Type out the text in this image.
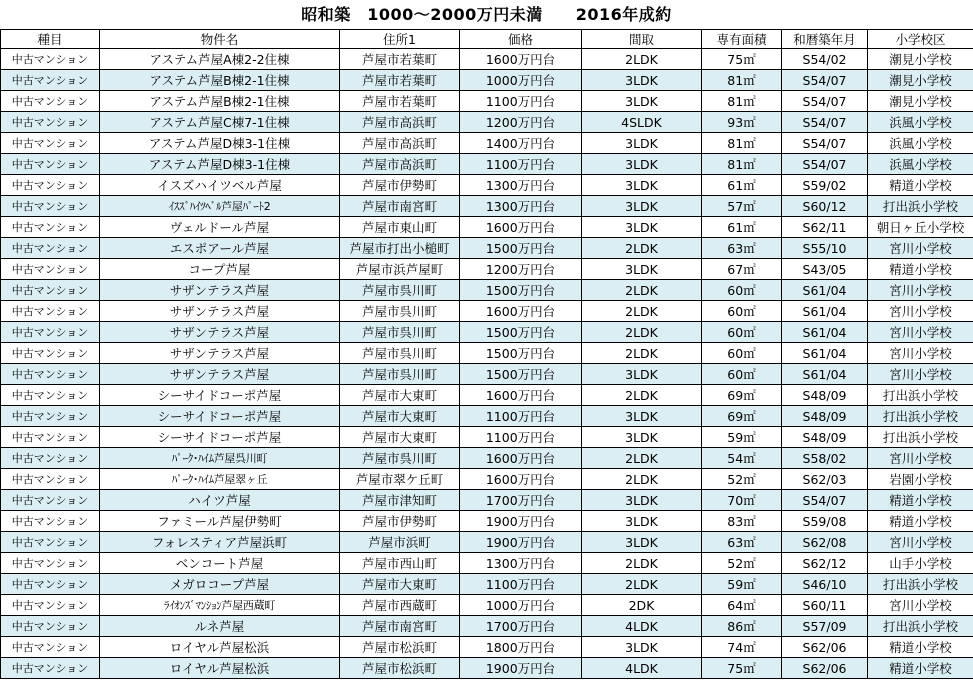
昭和築　1000～2000万円未満　　2016年成約
種目	物件名	住所1	価格	間取	専有面積	和暦築年月	小学校区
中古マンション	アステム芦屋A棟2-2住棟	芦屋市若葉町	1600万円台	2LDK	75㎡	S54/02	潮見小学校
中古マンション	アステム芦屋B棟2-1住棟	芦屋市若葉町	1000万円台	3LDK	81㎡	S54/07	潮見小学校
中古マンション	アステム芦屋B棟2-1住棟	芦屋市若葉町	1100万円台	3LDK	81㎡	S54/07	潮見小学校
中古マンション	アステム芦屋C棟7-1住棟	芦屋市高浜町	1200万円台	4SLDK	93㎡	S54/07	浜風小学校
中古マンション	アステム芦屋D棟3-1住棟	芦屋市高浜町	1400万円台	3LDK	81㎡	S54/07	浜風小学校
中古マンション	アステム芦屋D棟3-1住棟	芦屋市高浜町	1100万円台	3LDK	81㎡	S54/07	浜風小学校
中古マンション	イスズハイツベル芦屋	芦屋市伊勢町	1300万円台	3LDK	61㎡	S59/02	精道小学校
中古マンション	ｲｽｽﾞﾊｲﾂﾍﾞﾙ芦屋ﾊﾟｰﾄ2	芦屋市南宮町	1300万円台	3LDK	57㎡	S60/12	打出浜小学校
中古マンション	ヴェルドール芦屋	芦屋市東山町	1600万円台	3LDK	61㎡	S62/11	朝日ヶ丘小学校
中古マンション	エスポアール芦屋	芦屋市打出小槌町	1500万円台	2LDK	63㎡	S55/10	宮川小学校
中古マンション	コープ芦屋	芦屋市浜芦屋町	1200万円台	3LDK	67㎡	S43/05	精道小学校
中古マンション	サザンテラス芦屋	芦屋市呉川町	1500万円台	2LDK	60㎡	S61/04	宮川小学校
中古マンション	サザンテラス芦屋	芦屋市呉川町	1600万円台	2LDK	60㎡	S61/04	宮川小学校
中古マンション	サザンテラス芦屋	芦屋市呉川町	1500万円台	2LDK	60㎡	S61/04	宮川小学校
中古マンション	サザンテラス芦屋	芦屋市呉川町	1500万円台	2LDK	60㎡	S61/04	宮川小学校
中古マンション	サザンテラス芦屋	芦屋市呉川町	1500万円台	3LDK	60㎡	S61/04	宮川小学校
中古マンション	シーサイドコーポ芦屋	芦屋市大東町	1600万円台	2LDK	69㎡	S48/09	打出浜小学校
中古マンション	シーサイドコーポ芦屋	芦屋市大東町	1100万円台	3LDK	69㎡	S48/09	打出浜小学校
中古マンション	シーサイドコーポ芦屋	芦屋市大東町	1100万円台	3LDK	59㎡	S48/09	打出浜小学校
中古マンション	ﾊﾟｰｸ･ﾊｲﾑ芦屋呉川町	芦屋市呉川町	1600万円台	2LDK	54㎡	S58/02	宮川小学校
中古マンション	ﾊﾟｰｸ･ﾊｲﾑ芦屋翠ヶ丘	芦屋市翠ケ丘町	1600万円台	2LDK	52㎡	S62/03	岩園小学校
中古マンション	ハイツ芦屋	芦屋市津知町	1700万円台	3LDK	70㎡	S54/07	精道小学校
中古マンション	ファミール芦屋伊勢町	芦屋市伊勢町	1900万円台	3LDK	83㎡	S59/08	精道小学校
中古マンション	フォレスティア芦屋浜町	芦屋市浜町	1900万円台	3LDK	63㎡	S62/08	宮川小学校
中古マンション	ベンコート芦屋	芦屋市西山町	1300万円台	2LDK	52㎡	S62/12	山手小学校
中古マンション	メガロコープ芦屋	芦屋市大東町	1100万円台	2LDK	59㎡	S46/10	打出浜小学校
中古マンション	ﾗｲｵﾝｽﾞﾏﾝｼｮﾝ芦屋西蔵町	芦屋市西蔵町	1000万円台	2DK	64㎡	S60/11	宮川小学校
中古マンション	ルネ芦屋	芦屋市南宮町	1700万円台	4LDK	86㎡	S57/09	打出浜小学校
中古マンション	ロイヤル芦屋松浜	芦屋市松浜町	1800万円台	3LDK	74㎡	S62/06	精道小学校
中古マンション	ロイヤル芦屋松浜	芦屋市松浜町	1900万円台	4LDK	75㎡	S62/06	精道小学校
